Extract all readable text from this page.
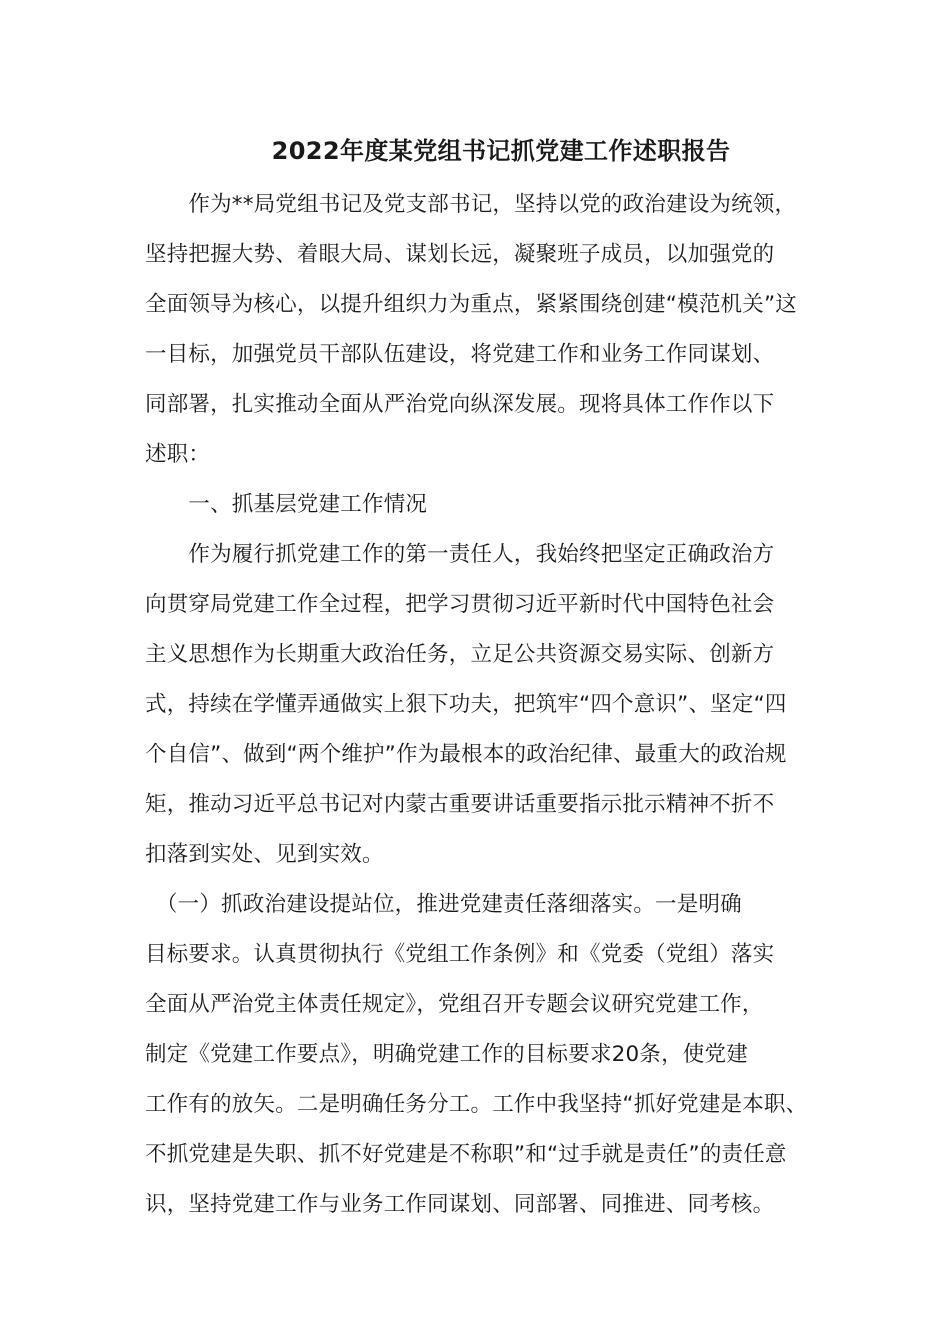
2022年度某党组书记抓党建工作述职报告
　　作为**局党组书记及党支部书记，坚持以党的政治建设为统领，
坚持把握大势、着眼大局、谋划长远，凝聚班子成员，以加强党的
全面领导为核心，以提升组织力为重点，紧紧围绕创建“模范机关”这
一目标，加强党员干部队伍建设，将党建工作和业务工作同谋划、
同部署，扎实推动全面从严治党向纵深发展。现将具体工作作以下
述职：
　　一、抓基层党建工作情况
　　作为履行抓党建工作的第一责任人，我始终把坚定正确政治方
向贯穿局党建工作全过程，把学习贯彻习近平新时代中国特色社会
主义思想作为长期重大政治任务，立足公共资源交易实际、创新方
式，持续在学懂弄通做实上狠下功夫，把筑牢“四个意识”、坚定“四
个自信”、做到“两个维护”作为最根本的政治纪律、最重大的政治规
矩，推动习近平总书记对内蒙古重要讲话重要指示批示精神不折不
扣落到实处、见到实效。
　（一）抓政治建设提站位，推进党建责任落细落实。一是明确
目标要求。认真贯彻执行《党组工作条例》和《党委（党组）落实
全面从严治党主体责任规定》，党组召开专题会议研究党建工作，
制定《党建工作要点》，明确党建工作的目标要求20条，使党建
工作有的放矢。二是明确任务分工。工作中我坚持“抓好党建是本职、
不抓党建是失职、抓不好党建是不称职”和“过手就是责任”的责任意
识，坚持党建工作与业务工作同谋划、同部署、同推进、同考核。
